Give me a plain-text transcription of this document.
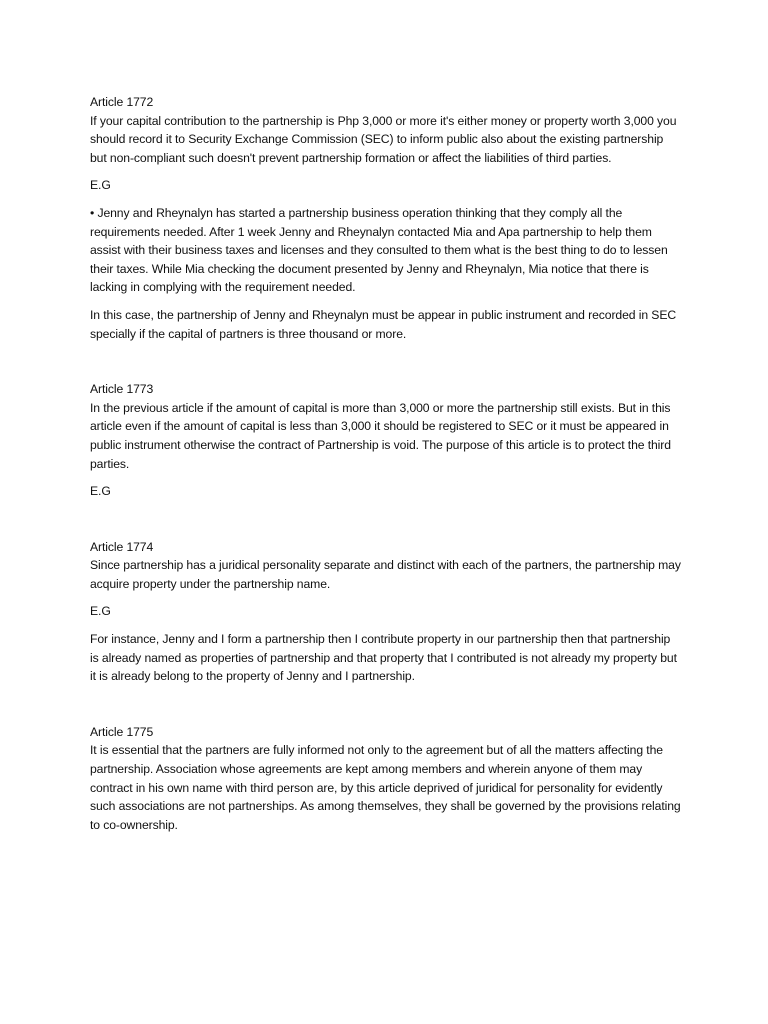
Article 1772

If your capital contribution to the partnership is Php 3,000 or more it's either money or property worth 3,000 you should record it to Security Exchange Commission (SEC) to inform public also about the existing partnership but non-compliant such doesn't prevent partnership formation or affect the liabilities of third parties.

E.G

• Jenny and Rheynalyn has started a partnership business operation thinking that they comply all the requirements needed. After 1 week Jenny and Rheynalyn contacted Mia and Apa partnership to help them assist with their business taxes and licenses and they consulted to them what is the best thing to do to lessen their taxes. While Mia checking the document presented by Jenny and Rheynalyn, Mia notice that there is lacking in complying with the requirement needed.

In this case, the partnership of Jenny and Rheynalyn must be appear in public instrument and recorded in SEC specially if the capital of partners is three thousand or more.

Article 1773

In the previous article if the amount of capital is more than 3,000 or more the partnership still exists. But in this article even if the amount of capital is less than 3,000 it should be registered to SEC or it must be appeared in public instrument otherwise the contract of Partnership is void. The purpose of this article is to protect the third parties.

E.G

Article 1774

Since partnership has a juridical personality separate and distinct with each of the partners, the partnership may acquire property under the partnership name.

E.G

For instance, Jenny and I form a partnership then I contribute property in our partnership then that partnership is already named as properties of partnership and that property that I contributed is not already my property but it is already belong to the property of Jenny and I partnership.

Article 1775

It is essential that the partners are fully informed not only to the agreement but of all the matters affecting the partnership. Association whose agreements are kept among members and wherein anyone of them may contract in his own name with third person are, by this article deprived of juridical for personality for evidently such associations are not partnerships. As among themselves, they shall be governed by the provisions relating to co-ownership.
